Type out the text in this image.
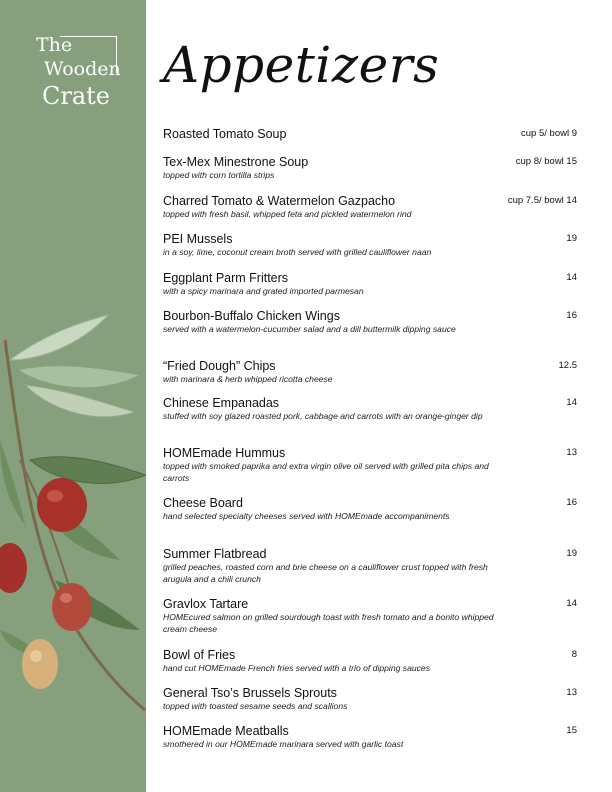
The
Wooden
Crate
Appetizers
Roasted Tomato Soup	cup 5/ bowl 9
Tex-Mex Minestrone Soup
topped with corn tortilla strips
cup 8/ bowl 15
Charred Tomato & Watermelon Gazpacho
topped with fresh basil, whipped feta and pickled watermelon rind
cup 7.5/ bowl 14
PEI Mussels
in a soy, lime, coconut cream broth served with grilled cauliflower naan
19
Eggplant Parm Fritters
with a spicy marinara and grated imported parmesan
14
Bourbon-Buffalo Chicken Wings
served with a watermelon-cucumber salad and a dill buttermilk dipping sauce
16
“Fried Dough” Chips
with marinara & herb whipped ricotta cheese
12.5
Chinese Empanadas
stuffed with soy glazed roasted pork, cabbage and carrots with an orange-ginger dip
14
HOMEmade Hummus
topped with smoked paprika and extra virgin olive oil served with grilled pita chips and carrots
13
Cheese Board
hand selected specialty cheeses served with HOMEmade accompaniments
16
Summer Flatbread
grilled peaches, roasted corn and brie cheese on a cauliflower crust topped with fresh arugula and a chili crunch
19
Gravlox Tartare
HOMEcured salmon on grilled sourdough toast with fresh tomato and a bonito whipped cream cheese
14
Bowl of Fries
hand cut HOMEmade French fries served with a trio of dipping sauces
8
General Tso’s Brussels Sprouts
topped with toasted sesame seeds and scallions
13
HOMEmade Meatballs
smothered in our HOMEmade marinara served with garlic toast
15
